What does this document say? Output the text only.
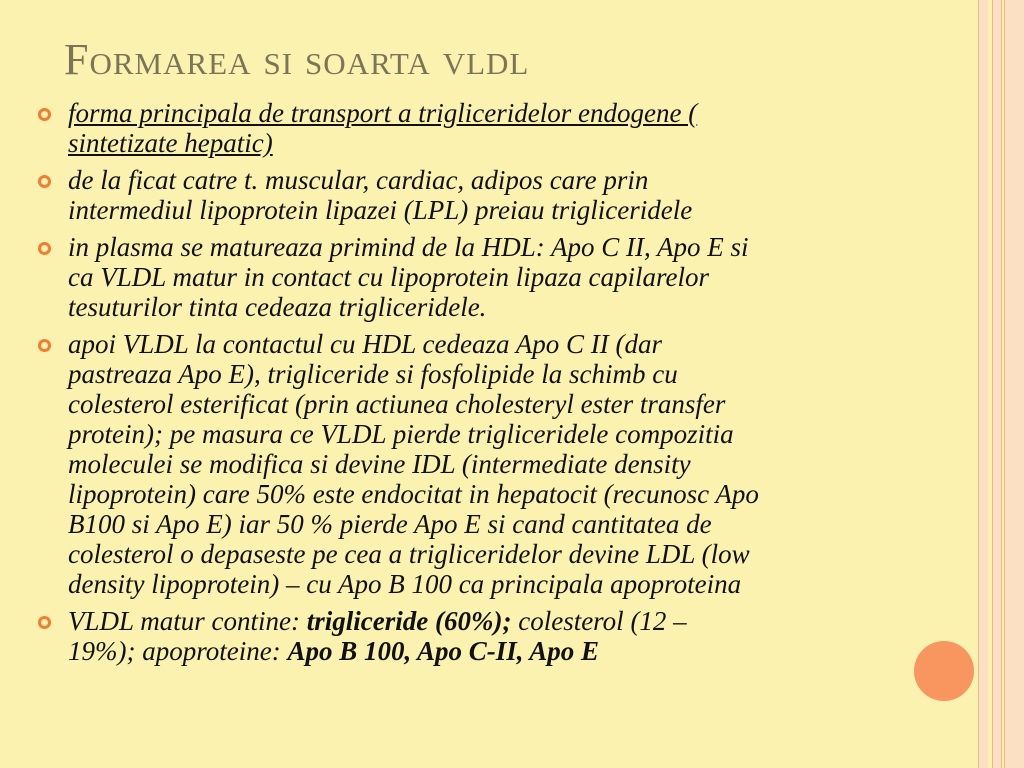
Formarea si soarta vldl
forma principala de transport a trigliceridelor endogene (
sintetizate hepatic)
de la ficat catre t. muscular, cardiac, adipos care prin
intermediul lipoprotein lipazei (LPL) preiau trigliceridele
in plasma se matureaza primind de la HDL: Apo C II, Apo E si
ca VLDL matur in contact cu lipoprotein lipaza capilarelor
tesuturilor tinta cedeaza trigliceridele.
apoi VLDL la contactul cu HDL cedeaza Apo C II (dar
pastreaza Apo E), trigliceride si fosfolipide la schimb cu
colesterol esterificat (prin actiunea cholesteryl ester transfer
protein); pe masura ce VLDL pierde trigliceridele compozitia
moleculei se modifica si devine IDL (intermediate density
lipoprotein) care 50% este endocitat in hepatocit (recunosc Apo
B100 si Apo E) iar 50 % pierde Apo E si cand cantitatea de
colesterol o depaseste pe cea a trigliceridelor devine LDL (low
density lipoprotein) – cu Apo B 100 ca principala apoproteina
VLDL matur contine: trigliceride (60%); colesterol (12 –
19%); apoproteine: Apo B 100, Apo C-II, Apo E
